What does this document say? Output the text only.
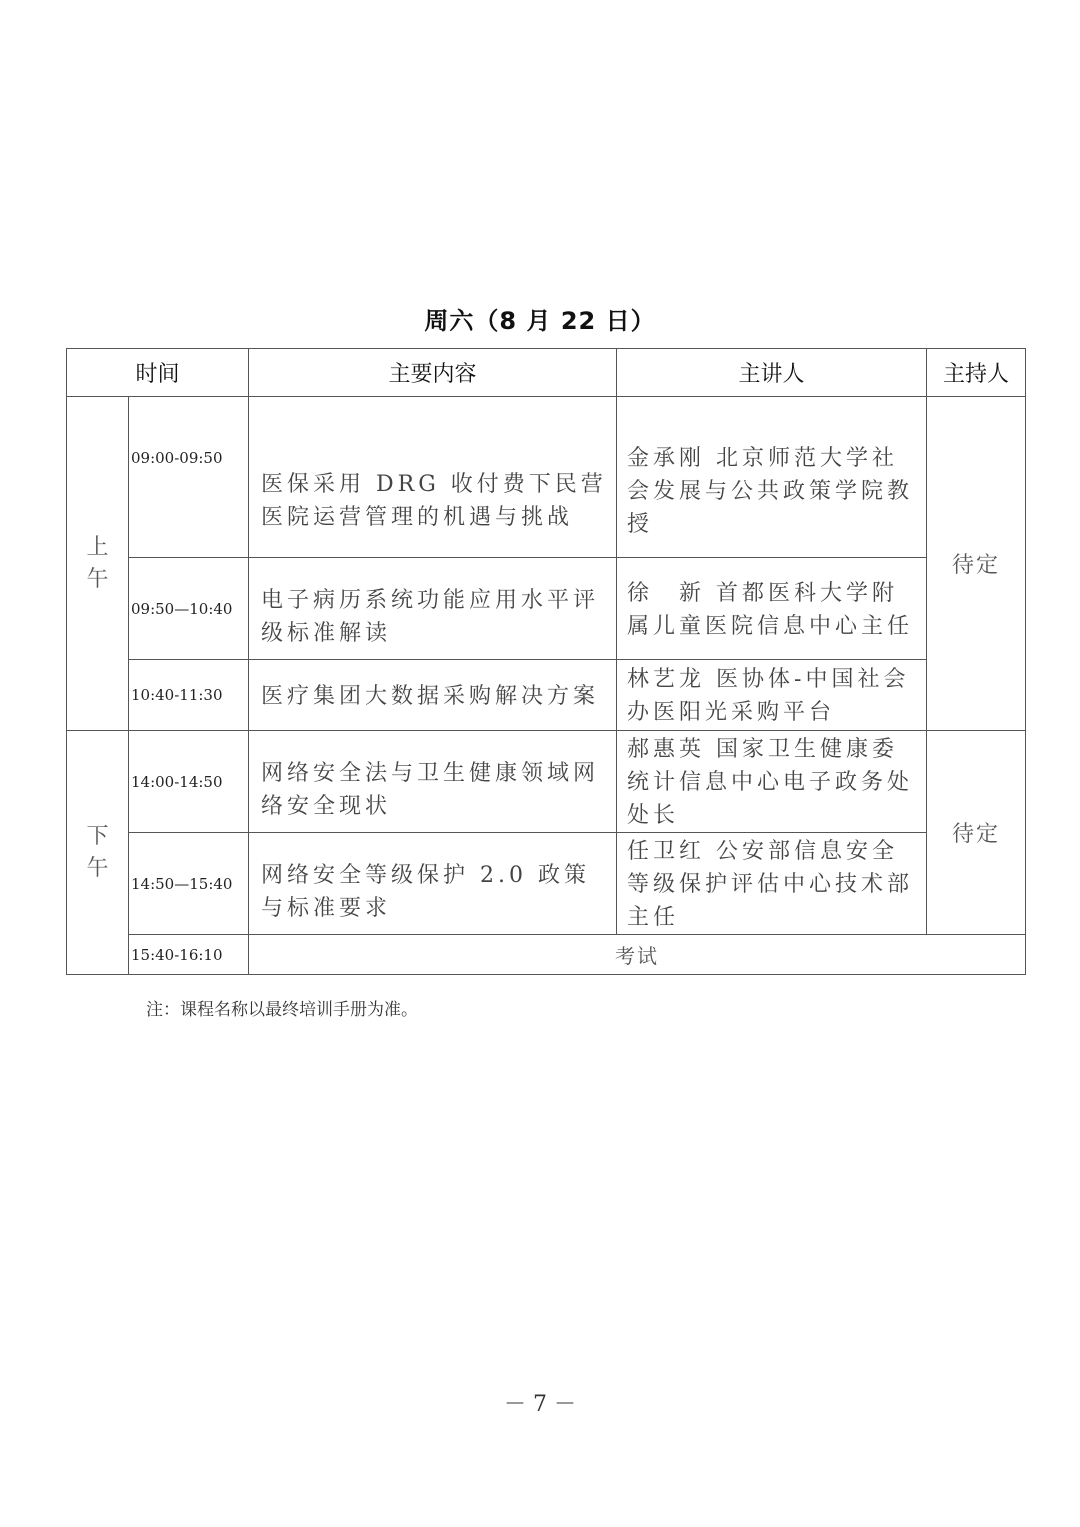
周六（8 月 22 日）
时间		主要内容	主讲人	主持人

上
午	09:00-09:50	医保采用 DRG 收付费下民营医院运营管理的机遇与挑战	金承刚 北京师范大学社会发展与公共政策学院教授	待定
	09:50—10:40	电子病历系统功能应用水平评级标准解读	徐　新 首都医科大学附属儿童医院信息中心主任	
	10:40-11:30	医疗集团大数据采购解决方案	林艺龙 医协体-中国社会办医阳光采购平台	

下
午	14:00-14:50	网络安全法与卫生健康领域网络安全现状	郝惠英 国家卫生健康委统计信息中心电子政务处处长	待定
	14:50—15:40	网络安全等级保护 2.0 政策与标准要求	任卫红 公安部信息安全等级保护评估中心技术部主任	
	15:40-16:10	考试		
注：课程名称以最终培训手册为准。
－ 7 －
